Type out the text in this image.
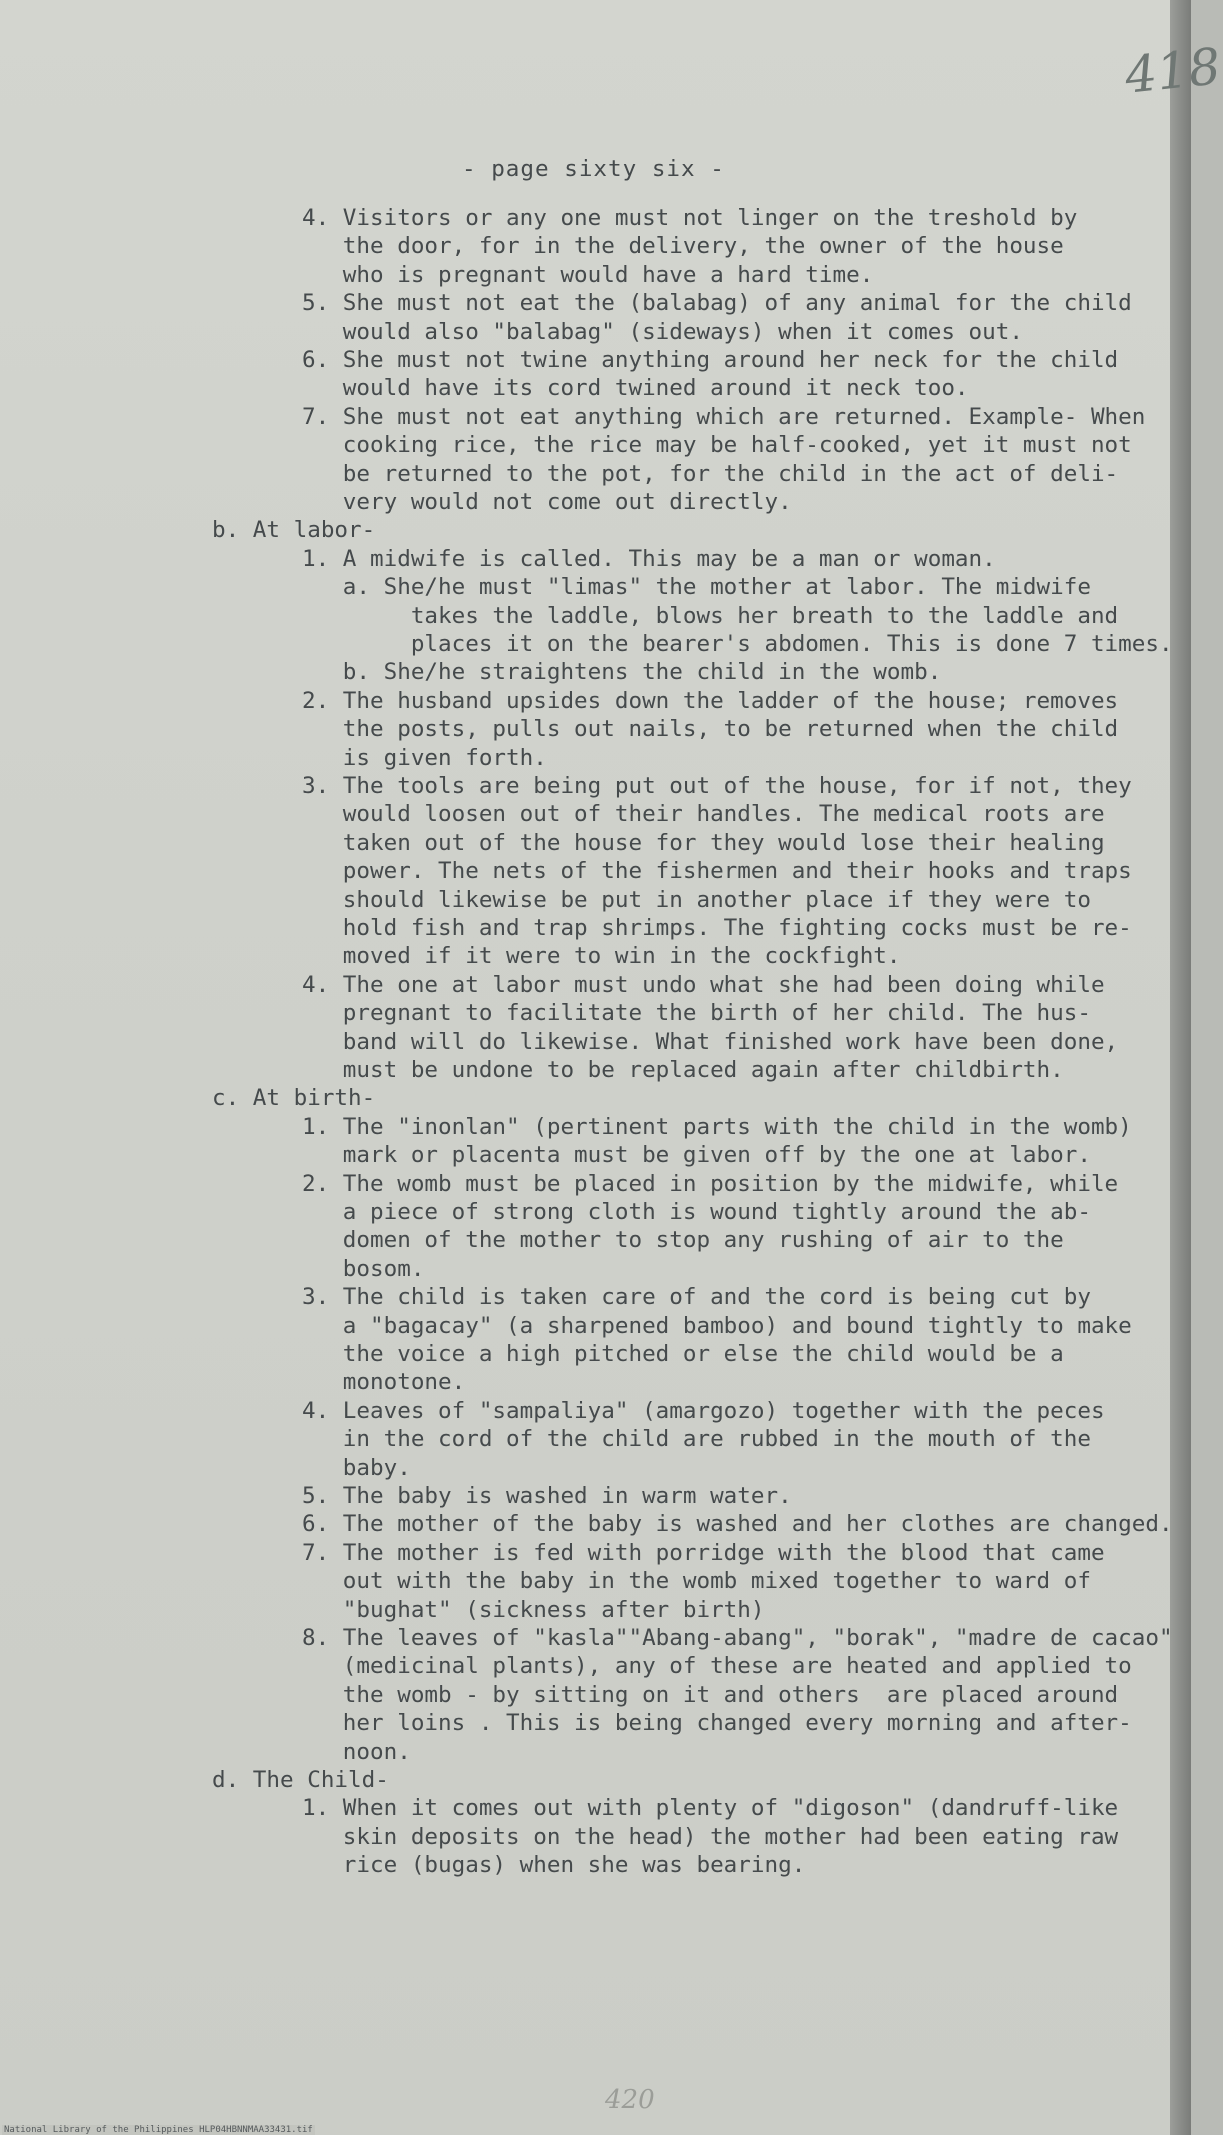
418

- page sixty six -

4. Visitors or any one must not linger on the treshold by
the door, for in the delivery, the owner of the house
who is pregnant would have a hard time.
5. She must not eat the (balabag) of any animal for the child
would also "balabag" (sideways) when it comes out.
6. She must not twine anything around her neck for the child
would have its cord twined around it neck too.
7. She must not eat anything which are returned. Example- When
cooking rice, the rice may be half-cooked, yet it must not
be returned to the pot, for the child in the act of deli-
very would not come out directly.
b. At labor-
1. A midwife is called. This may be a man or woman.
a. She/he must "limas" the mother at labor. The midwife
takes the laddle, blows her breath to the laddle and
places it on the bearer's abdomen. This is done 7 times.
b. She/he straightens the child in the womb.
2. The husband upsides down the ladder of the house; removes
the posts, pulls out nails, to be returned when the child
is given forth.
3. The tools are being put out of the house, for if not, they
would loosen out of their handles. The medical roots are
taken out of the house for they would lose their healing
power. The nets of the fishermen and their hooks and traps
should likewise be put in another place if they were to
hold fish and trap shrimps. The fighting cocks must be re-
moved if it were to win in the cockfight.
4. The one at labor must undo what she had been doing while
pregnant to facilitate the birth of her child. The hus-
band will do likewise. What finished work have been done,
must be undone to be replaced again after childbirth.
c. At birth-
1. The "inonlan" (pertinent parts with the child in the womb)
mark or placenta must be given off by the one at labor.
2. The womb must be placed in position by the midwife, while
a piece of strong cloth is wound tightly around the ab-
domen of the mother to stop any rushing of air to the
bosom.
3. The child is taken care of and the cord is being cut by
a "bagacay" (a sharpened bamboo) and bound tightly to make
the voice a high pitched or else the child would be a
monotone.
4. Leaves of "sampaliya" (amargozo) together with the peces
in the cord of the child are rubbed in the mouth of the
baby.
5. The baby is washed in warm water.
6. The mother of the baby is washed and her clothes are changed.
7. The mother is fed with porridge with the blood that came
out with the baby in the womb mixed together to ward of
"bughat" (sickness after birth)
8. The leaves of "kasla""Abang-abang", "borak", "madre de cacao"
(medicinal plants), any of these are heated and applied to
the womb - by sitting on it and others  are placed around
her loins . This is being changed every morning and after-
noon.
d. The Child-
1. When it comes out with plenty of "digoson" (dandruff-like
skin deposits on the head) the mother had been eating raw
rice (bugas) when she was bearing.

420
National Library of the Philippines HLP04HBNNMAA33431.tif
